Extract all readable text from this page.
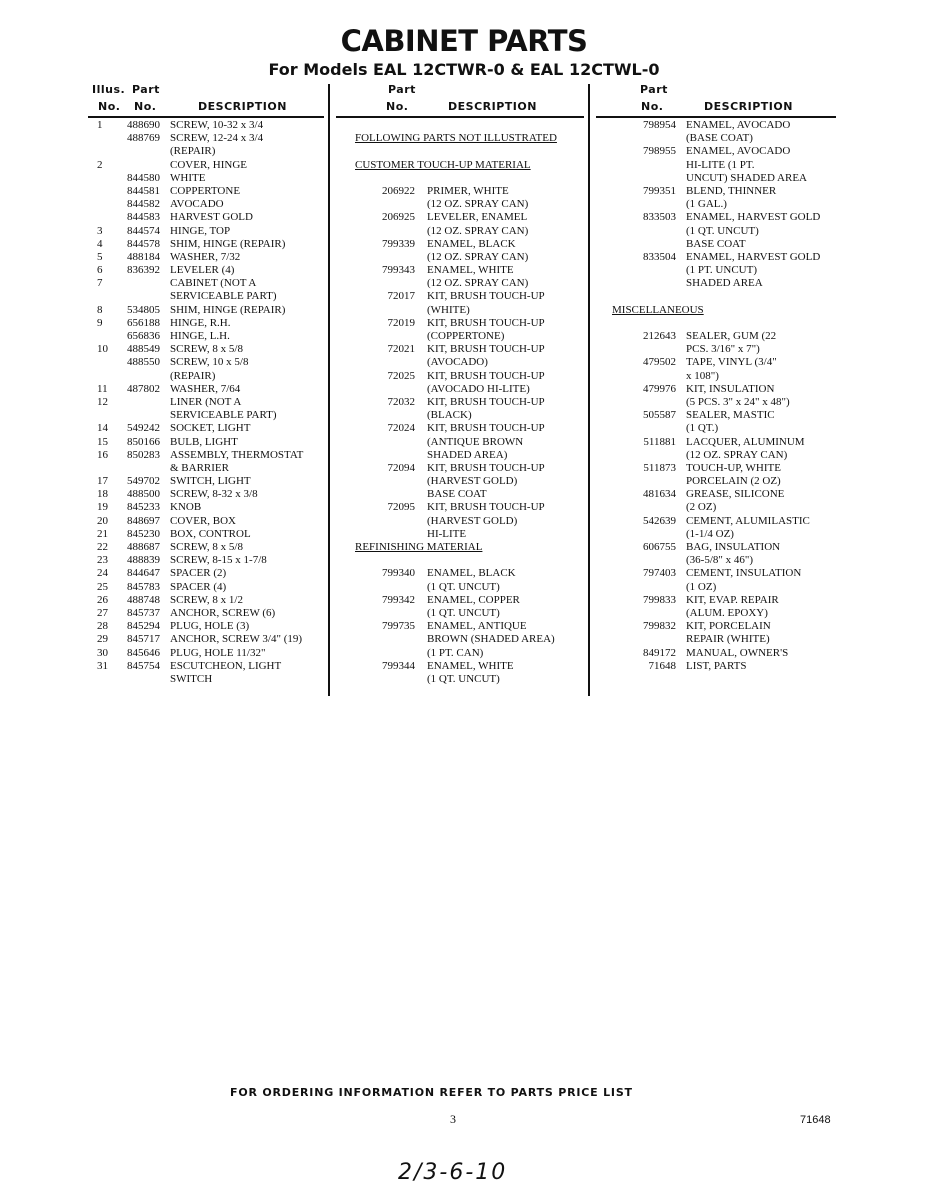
CABINET PARTS
For Models EAL 12CTWR-0 & EAL 12CTWL-0
Illus. Part
No. No.	DESCRIPTION
Part
No.	DESCRIPTION
Part
No.	DESCRIPTION
1 488690 SCREW, 10-32 x 3/4
488769 SCREW, 12-24 x 3/4
(REPAIR)
2	COVER, HINGE
844580 WHITE
844581 COPPERTONE
844582 AVOCADO
844583 HARVEST GOLD
3 844574 HINGE, TOP
4 844578 SHIM, HINGE (REPAIR)
5 488184 WASHER, 7/32
6 836392 LEVELER (4)
7	CABINET (NOT A
SERVICEABLE PART)
8 534805 SHIM, HINGE (REPAIR)
9 656188 HINGE, R.H.
656836 HINGE, L.H.
10 488549 SCREW, 8 x 5/8
488550 SCREW, 10 x 5/8
(REPAIR)
11 487802 WASHER, 7/64
12	LINER (NOT A
SERVICEABLE PART)
14 549242 SOCKET, LIGHT
15 850166 BULB, LIGHT
16 850283 ASSEMBLY, THERMOSTAT
& BARRIER
17 549702 SWITCH, LIGHT
18 488500 SCREW, 8-32 x 3/8
19 845233 KNOB
20 848697 COVER, BOX
21 845230 BOX, CONTROL
22 488687 SCREW, 8 x 5/8
23 488839 SCREW, 8-15 x 1-7/8
24 844647 SPACER (2)
25 845783 SPACER (4)
26 488748 SCREW, 8 x 1/2
27 845737 ANCHOR, SCREW (6)
28 845294 PLUG, HOLE (3)
29 845717 ANCHOR, SCREW 3/4" (19)
30 845646 PLUG, HOLE 11/32"
31 845754 ESCUTCHEON, LIGHT
SWITCH
FOLLOWING PARTS NOT ILLUSTRATED
CUSTOMER TOUCH-UP MATERIAL
206922 PRIMER, WHITE
(12 OZ. SPRAY CAN)
206925 LEVELER, ENAMEL
(12 OZ. SPRAY CAN)
799339 ENAMEL, BLACK
(12 OZ. SPRAY CAN)
799343 ENAMEL, WHITE
(12 OZ. SPRAY CAN)
72017 KIT, BRUSH TOUCH-UP
(WHITE)
72019 KIT, BRUSH TOUCH-UP
(COPPERTONE)
72021 KIT, BRUSH TOUCH-UP
(AVOCADO)
72025 KIT, BRUSH TOUCH-UP
(AVOCADO HI-LITE)
72032 KIT, BRUSH TOUCH-UP
(BLACK)
72024 KIT, BRUSH TOUCH-UP
(ANTIQUE BROWN
SHADED AREA)
72094 KIT, BRUSH TOUCH-UP
(HARVEST GOLD)
BASE COAT
72095 KIT, BRUSH TOUCH-UP
(HARVEST GOLD)
HI-LITE
REFINISHING MATERIAL
799340 ENAMEL, BLACK
(1 QT. UNCUT)
799342 ENAMEL, COPPER
(1 QT. UNCUT)
799735 ENAMEL, ANTIQUE
BROWN (SHADED AREA)
(1 PT. CAN)
799344 ENAMEL, WHITE
(1 QT. UNCUT)
798954 ENAMEL, AVOCADO
(BASE COAT)
798955 ENAMEL, AVOCADO
HI-LITE (1 PT.
UNCUT) SHADED AREA
799351 BLEND, THINNER
(1 GAL.)
833503 ENAMEL, HARVEST GOLD
(1 QT. UNCUT)
BASE COAT
833504 ENAMEL, HARVEST GOLD
(1 PT. UNCUT)
SHADED AREA
MISCELLANEOUS
212643 SEALER, GUM (22
PCS. 3/16" x 7")
479502 TAPE, VINYL (3/4"
x 108")
479976 KIT, INSULATION
(5 PCS. 3" x 24" x 48")
505587 SEALER, MASTIC
(1 QT.)
511881 LACQUER, ALUMINUM
(12 OZ. SPRAY CAN)
511873 TOUCH-UP, WHITE
PORCELAIN (2 OZ)
481634 GREASE, SILICONE
(2 OZ)
542639 CEMENT, ALUMILASTIC
(1-1/4 OZ)
606755 BAG, INSULATION
(36-5/8" x 46")
797403 CEMENT, INSULATION
(1 OZ)
799833 KIT, EVAP. REPAIR
(ALUM. EPOXY)
799832 KIT, PORCELAIN
REPAIR (WHITE)
849172 MANUAL, OWNER'S
71648 LIST, PARTS
FOR ORDERING INFORMATION REFER TO PARTS PRICE LIST
3	71648
2/3-6-10
